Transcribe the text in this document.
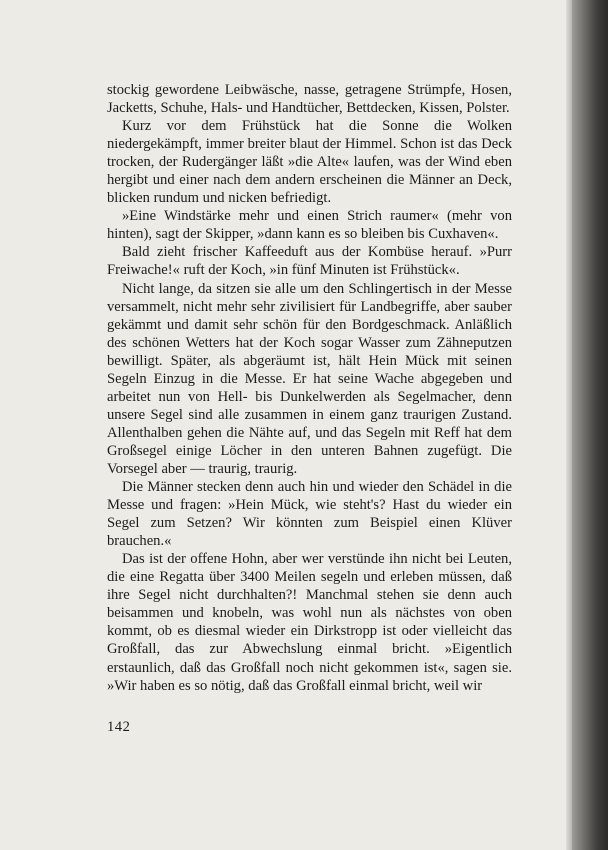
stockig gewordene Leibwäsche, nasse, getragene Strümpfe, Hosen, Jacketts, Schuhe, Hals- und Handtücher, Bettdecken, Kissen, Polster.

Kurz vor dem Frühstück hat die Sonne die Wolken niedergekämpft, immer breiter blaut der Himmel. Schon ist das Deck trocken, der Rudergänger läßt »die Alte« laufen, was der Wind eben hergibt und einer nach dem andern erscheinen die Männer an Deck, blicken rundum und nicken befriedigt.

»Eine Windstärke mehr und einen Strich raumer« (mehr von hinten), sagt der Skipper, »dann kann es so bleiben bis Cuxhaven«.

Bald zieht frischer Kaffeeduft aus der Kombüse herauf. »Purr Freiwache!« ruft der Koch, »in fünf Minuten ist Frühstück«.

Nicht lange, da sitzen sie alle um den Schlingertisch in der Messe versammelt, nicht mehr sehr zivilisiert für Landbegriffe, aber sauber gekämmt und damit sehr schön für den Bordgeschmack. Anläßlich des schönen Wetters hat der Koch sogar Wasser zum Zähneputzen bewilligt. Später, als abgeräumt ist, hält Hein Mück mit seinen Segeln Einzug in die Messe. Er hat seine Wache abgegeben und arbeitet nun von Hell- bis Dunkelwerden als Segelmacher, denn unsere Segel sind alle zusammen in einem ganz traurigen Zustand. Allenthalben gehen die Nähte auf, und das Segeln mit Reff hat dem Großsegel einige Löcher in den unteren Bahnen zugefügt. Die Vorsegel aber — traurig, traurig.

Die Männer stecken denn auch hin und wieder den Schädel in die Messe und fragen: »Hein Mück, wie steht's? Hast du wieder ein Segel zum Setzen? Wir könnten zum Beispiel einen Klüver brauchen.«

Das ist der offene Hohn, aber wer verstünde ihn nicht bei Leuten, die eine Regatta über 3400 Meilen segeln und erleben müssen, daß ihre Segel nicht durchhalten?! Manchmal stehen sie denn auch beisammen und knobeln, was wohl nun als nächstes von oben kommt, ob es diesmal wieder ein Dirkstropp ist oder vielleicht das Großfall, das zur Abwechslung einmal bricht. »Eigentlich erstaunlich, daß das Großfall noch nicht gekommen ist«, sagen sie. »Wir haben es so nötig, daß das Großfall einmal bricht, weil wir

142
